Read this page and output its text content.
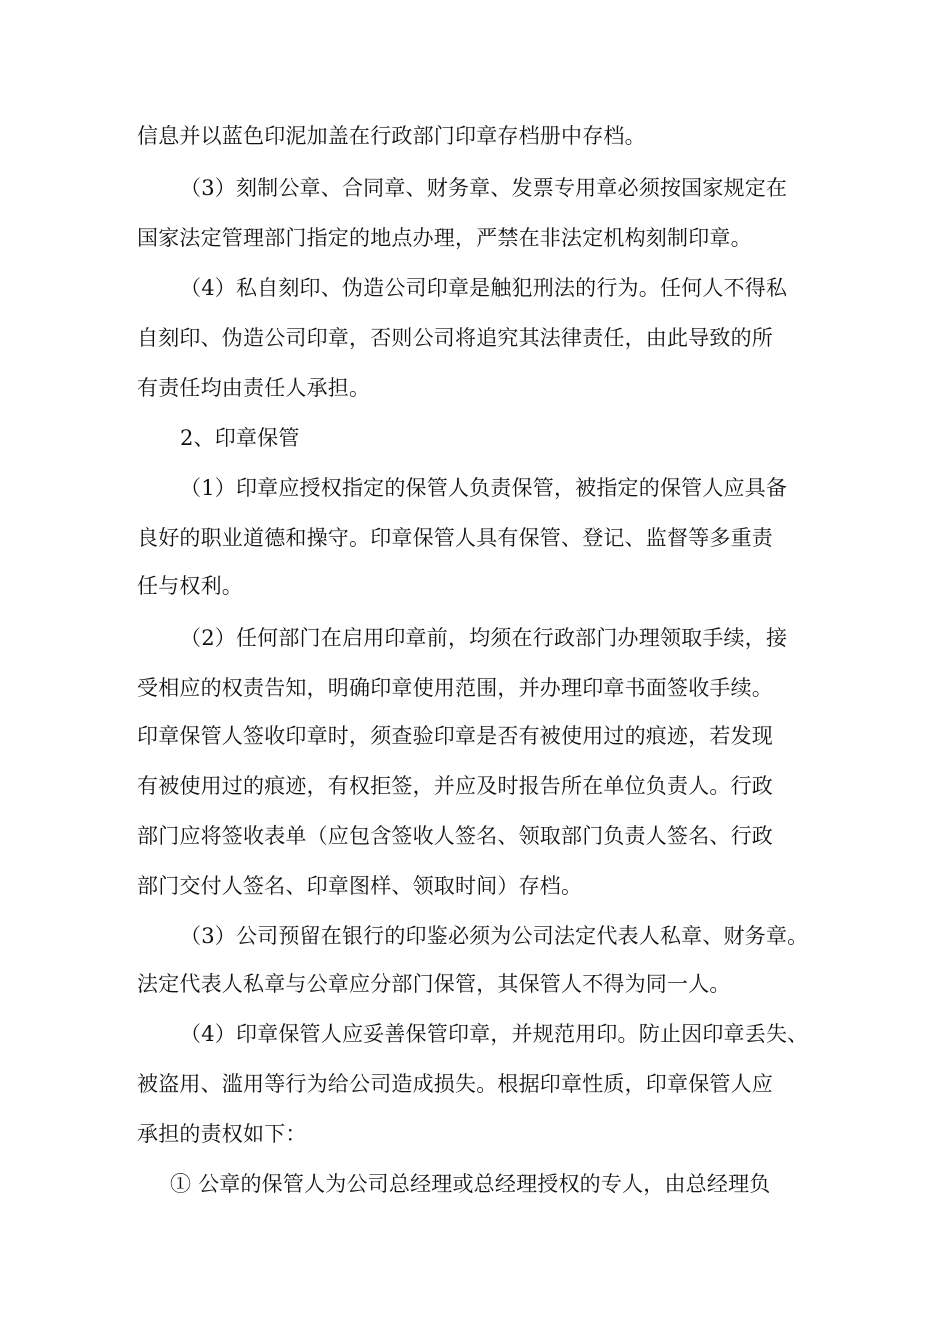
信息并以蓝色印泥加盖在行政部门印章存档册中存档。
（3）刻制公章、合同章、财务章、发票专用章必须按国家规定在
国家法定管理部门指定的地点办理，严禁在非法定机构刻制印章。
（4）私自刻印、伪造公司印章是触犯刑法的行为。任何人不得私
自刻印、伪造公司印章，否则公司将追究其法律责任，由此导致的所
有责任均由责任人承担。
2、印章保管
（1）印章应授权指定的保管人负责保管，被指定的保管人应具备
良好的职业道德和操守。印章保管人具有保管、登记、监督等多重责
任与权利。
（2）任何部门在启用印章前，均须在行政部门办理领取手续，接
受相应的权责告知，明确印章使用范围，并办理印章书面签收手续。
印章保管人签收印章时，须查验印章是否有被使用过的痕迹，若发现
有被使用过的痕迹，有权拒签，并应及时报告所在单位负责人。行政
部门应将签收表单（应包含签收人签名、领取部门负责人签名、行政
部门交付人签名、印章图样、领取时间）存档。
（3）公司预留在银行的印鉴必须为公司法定代表人私章、财务章。
法定代表人私章与公章应分部门保管，其保管人不得为同一人。
（4）印章保管人应妥善保管印章，并规范用印。防止因印章丢失、
被盗用、滥用等行为给公司造成损失。根据印章性质，印章保管人应
承担的责权如下：
① 公章的保管人为公司总经理或总经理授权的专人，由总经理负
